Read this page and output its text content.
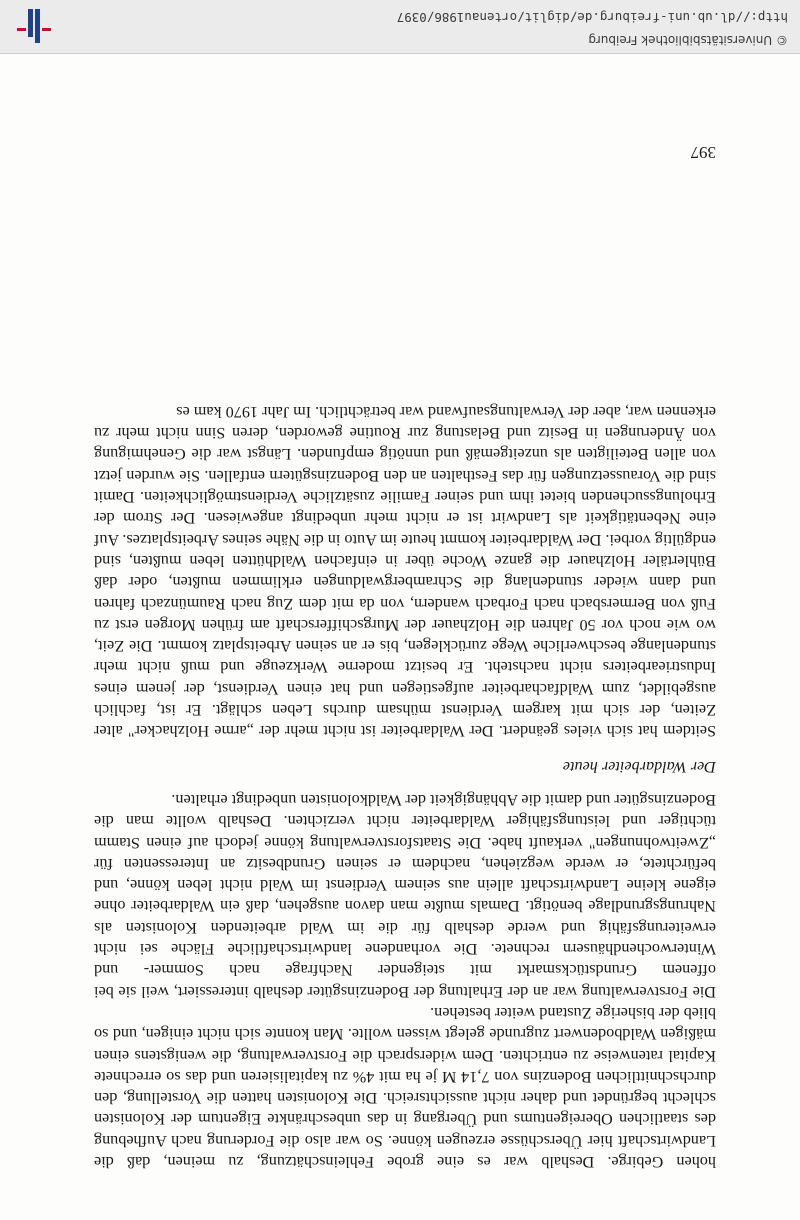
hohen Gebirge. Deshalb war es eine grobe Fehleinschätzung, zu meinen, daß die Landwirtschaft hier Überschüsse erzeugen könne. So war also die Forderung nach Aufhebung des staatlichen Obereigentums und Übergang in das unbeschränkte Eigentum der Kolonisten schlecht begründet und daher nicht aussichtsreich. Die Kolonisten hatten die Vorstellung, den durchschnittlichen Bodenzins von 7,14 M je ha mit 4% zu kapitalisieren und das so errechnete Kapital ratenweise zu entrichten. Dem widersprach die Forstverwaltung, die wenigstens einen mäßigen Waldbodenwert zugrunde gelegt wissen wollte. Man konnte sich nicht einigen, und so blieb der bisherige Zustand weiter bestehen.

Die Forstverwaltung war an der Erhaltung der Bodenzinsgüter deshalb interessiert, weil sie bei offenem Grundstücksmarkt mit steigender Nachfrage nach Sommer- und Winterwochendhäusern rechnete. Die vorhandene landwirtschaftliche Fläche sei nicht erweiterungsfähig und werde deshalb für die im Wald arbeitenden Kolonisten als Nahrungsgrundlage benötigt. Damals mußte man davon ausgehen, daß ein Waldarbeiter ohne eigene kleine Landwirtschaft allein aus seinem Verdienst im Wald nicht leben könne, und befürchtete, er werde wegziehen, nachdem er seinen Grundbesitz an Interessenten für „Zweitwohnungen" verkauft habe. Die Staatsforstverwaltung könne jedoch auf einen Stamm tüchtiger und leistungsfähiger Waldarbeiter nicht verzichten. Deshalb wollte man die Bodenzinsgüter und damit die Abhängigkeit der Waldkolonisten unbedingt erhalten.

Der Waldarbeiter heute

Seitdem hat sich vieles geändert. Der Waldarbeiter ist nicht mehr der „arme Holzhacker" alter Zeiten, der sich mit kargem Verdienst mühsam durchs Leben schlägt. Er ist, fachlich ausgebildet, zum Waldfacharbeiter aufgestiegen und hat einen Verdienst, der jenem eines Industriearbeiters nicht nachsteht. Er besitzt moderne Werkzeuge und muß nicht mehr stundenlange beschwerliche Wege zurücklegen, bis er an seinen Arbeitsplatz kommt. Die Zeit, wo wie noch vor 50 Jahren die Holzhauer der Murgschifferschaft am frühen Morgen erst zu Fuß von Bermersbach nach Forbach wandern, von da mit dem Zug nach Raumünzach fahren und dann wieder stundenlang die Schrambergwaldungen erklimmen mußten, oder daß Bühlertäler Holzhauer die ganze Woche über in einfachen Waldhütten leben mußten, sind endgültig vorbei. Der Waldarbeiter kommt heute im Auto in die Nähe seines Arbeitsplatzes. Auf eine Nebentätigkeit als Landwirt ist er nicht mehr unbedingt angewiesen. Der Strom der Erholungssuchenden bietet ihm und seiner Familie zusätzliche Verdienstmöglichkeiten. Damit sind die Voraussetzungen für das Festhalten an den Bodenzinsgütern entfallen. Sie wurden jetzt von allen Beteiligten als unzeitgemäß und unnötig empfunden. Längst war die Genehmigung von Änderungen in Besitz und Belastung zur Routine geworden, deren Sinn nicht mehr zu erkennen war, aber der Verwaltungsaufwand war beträchtlich. Im Jahr 1970 kam es

397
© Universitätsbibliothek Freiburg
http://dl.ub.uni-freiburg.de/diglit/ortenau1986/0397
